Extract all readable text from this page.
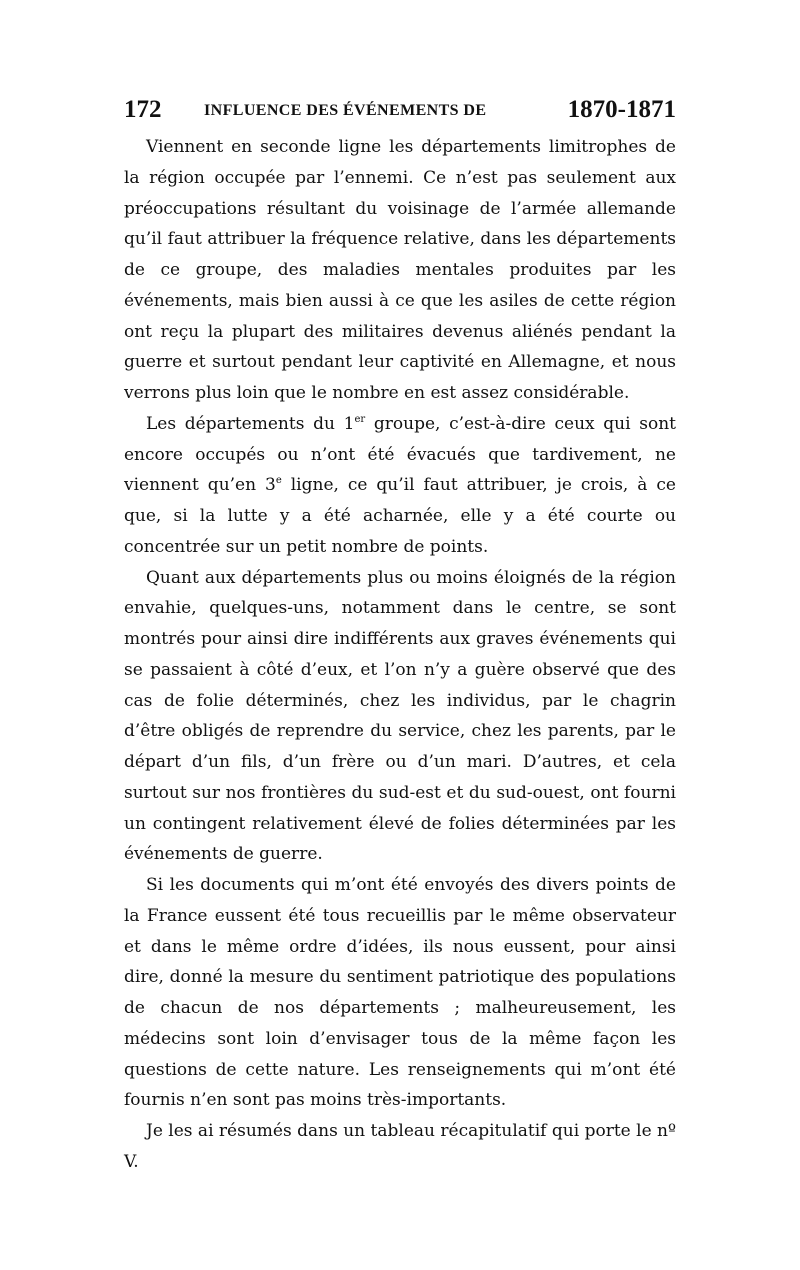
172	INFLUENCE DES ÉVÉNEMENTS DE	1870-1871

Viennent en seconde ligne les départements limitrophes de la région occupée par l’ennemi. Ce n’est pas seulement aux préoccupations résultant du voisinage de l’armée allemande qu’il faut attribuer la fréquence relative, dans les départements de ce groupe, des maladies mentales produites par les événements, mais bien aussi à ce que les asiles de cette région ont reçu la plupart des militaires devenus aliénés pendant la guerre et surtout pendant leur captivité en Allemagne, et nous verrons plus loin que le nombre en est assez considérable.

Les départements du 1er groupe, c’est-à-dire ceux qui sont encore occupés ou n’ont été évacués que tardivement, ne viennent qu’en 3e ligne, ce qu’il faut attribuer, je crois, à ce que, si la lutte y a été acharnée, elle y a été courte ou concentrée sur un petit nombre de points.

Quant aux départements plus ou moins éloignés de la région envahie, quelques-uns, notamment dans le centre, se sont montrés pour ainsi dire indifférents aux graves événements qui se passaient à côté d’eux, et l’on n’y a guère observé que des cas de folie déterminés, chez les individus, par le chagrin d’être obligés de reprendre du service, chez les parents, par le départ d’un fils, d’un frère ou d’un mari. D’autres, et cela surtout sur nos frontières du sud-est et du sud-ouest, ont fourni un contingent relativement élevé de folies déterminées par les événements de guerre.

Si les documents qui m’ont été envoyés des divers points de la France eussent été tous recueillis par le même observateur et dans le même ordre d’idées, ils nous eussent, pour ainsi dire, donné la mesure du sentiment patriotique des populations de chacun de nos départements ; malheureusement, les médecins sont loin d’envisager tous de la même façon les questions de cette nature. Les renseignements qui m’ont été fournis n’en sont pas moins très-importants.

Je les ai résumés dans un tableau récapitulatif qui porte le nº V.
